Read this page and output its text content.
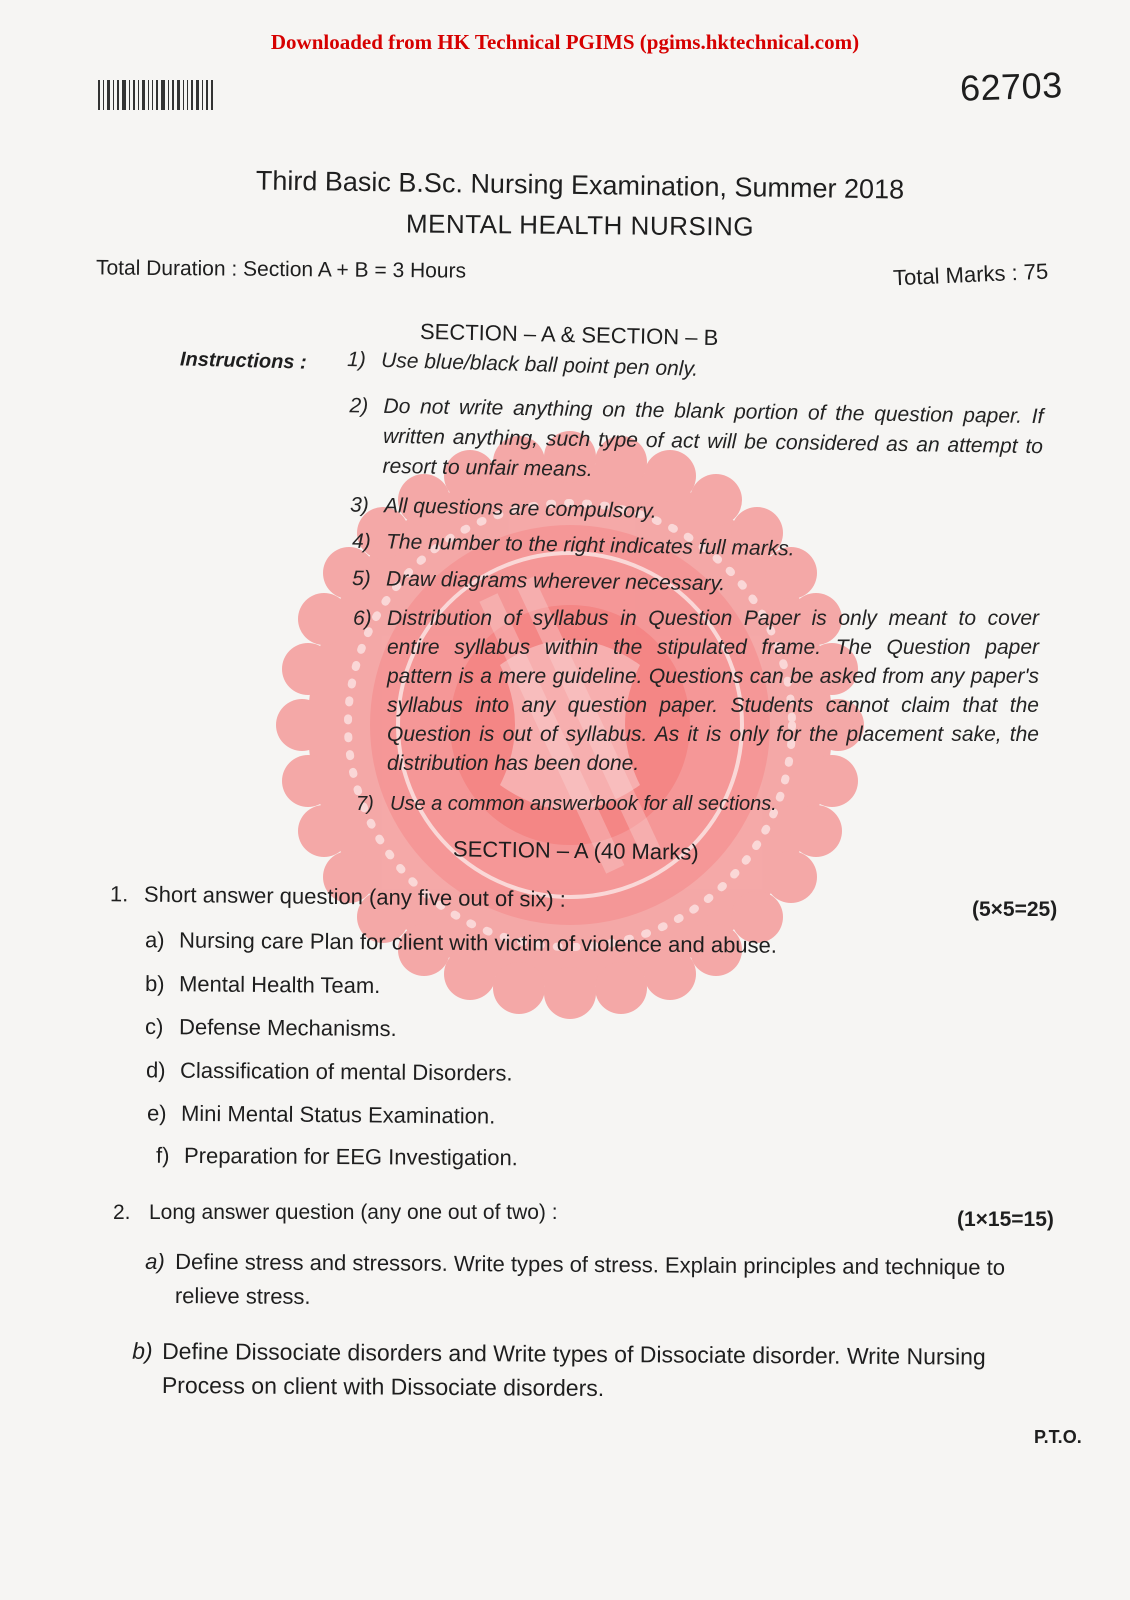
Downloaded from HK Technical PGIMS (pgims.hktechnical.com)
62703
Third Basic B.Sc. Nursing Examination, Summer 2018
MENTAL HEALTH NURSING
Total Duration : Section A + B = 3 Hours	Total Marks : 75
SECTION – A & SECTION – B
Instructions : 1) Use blue/black ball point pen only.
2) Do not write anything on the blank portion of the question paper. If written anything, such type of act will be considered as an attempt to resort to unfair means.
3) All questions are compulsory.
4) The number to the right indicates full marks.
5) Draw diagrams wherever necessary.
6) Distribution of syllabus in Question Paper is only meant to cover entire syllabus within the stipulated frame. The Question paper pattern is a mere guideline. Questions can be asked from any paper's syllabus into any question paper. Students cannot claim that the Question is out of syllabus. As it is only for the placement sake, the distribution has been done.
7) Use a common answerbook for all sections.
SECTION – A (40 Marks)
1. Short answer question (any five out of six) :	(5×5=25)
a) Nursing care Plan for client with victim of violence and abuse.
b) Mental Health Team.
c) Defense Mechanisms.
d) Classification of mental Disorders.
e) Mini Mental Status Examination.
f) Preparation for EEG Investigation.
2. Long answer question (any one out of two) :	(1×15=15)
a) Define stress and stressors. Write types of stress. Explain principles and technique to relieve stress.
b) Define Dissociate disorders and Write types of Dissociate disorder. Write Nursing Process on client with Dissociate disorders.
P.T.O.
